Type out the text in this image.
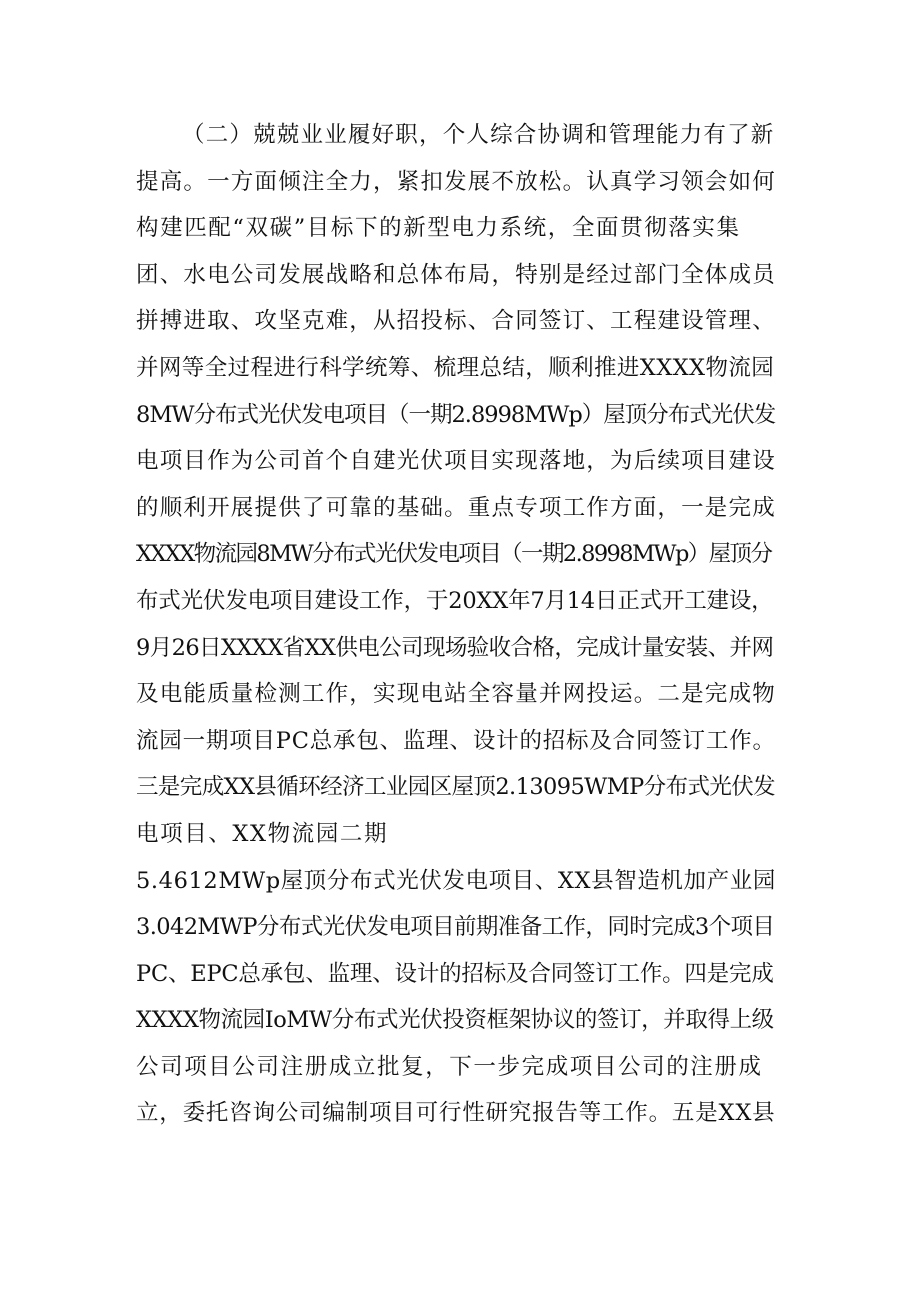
（二）兢兢业业履好职，个人综合协调和管理能力有了新
提高。一方面倾注全力，紧扣发展不放松。认真学习领会如何
构建匹配“双碳”目标下的新型电力系统，全面贯彻落实集
团、水电公司发展战略和总体布局，特别是经过部门全体成员
拼搏进取、攻坚克难，从招投标、合同签订、工程建设管理、
并网等全过程进行科学统筹、梳理总结，顺利推进XXXX物流园
8MW分布式光伏发电项目（一期2.8998MWp）屋顶分布式光伏发
电项目作为公司首个自建光伏项目实现落地，为后续项目建设
的顺利开展提供了可靠的基础。重点专项工作方面，一是完成
XXXX物流园8MW分布式光伏发电项目（一期2.8998MWp）屋顶分
布式光伏发电项目建设工作，于20XX年7月14日正式开工建设，
9月26日XXXX省XX供电公司现场验收合格，完成计量安装、并网
及电能质量检测工作，实现电站全容量并网投运。二是完成物
流园一期项目PC总承包、监理、设计的招标及合同签订工作。
三是完成XX县循环经济工业园区屋顶2.13095WMP分布式光伏发
电项目、XX物流园二期
5.4612MWp屋顶分布式光伏发电项目、XX县智造机加产业园
3.042MWP分布式光伏发电项目前期准备工作，同时完成3个项目
PC、EPC总承包、监理、设计的招标及合同签订工作。四是完成
XXXX物流园IoMW分布式光伏投资框架协议的签订，并取得上级
公司项目公司注册成立批复，下一步完成项目公司的注册成
立，委托咨询公司编制项目可行性研究报告等工作。五是XX县
